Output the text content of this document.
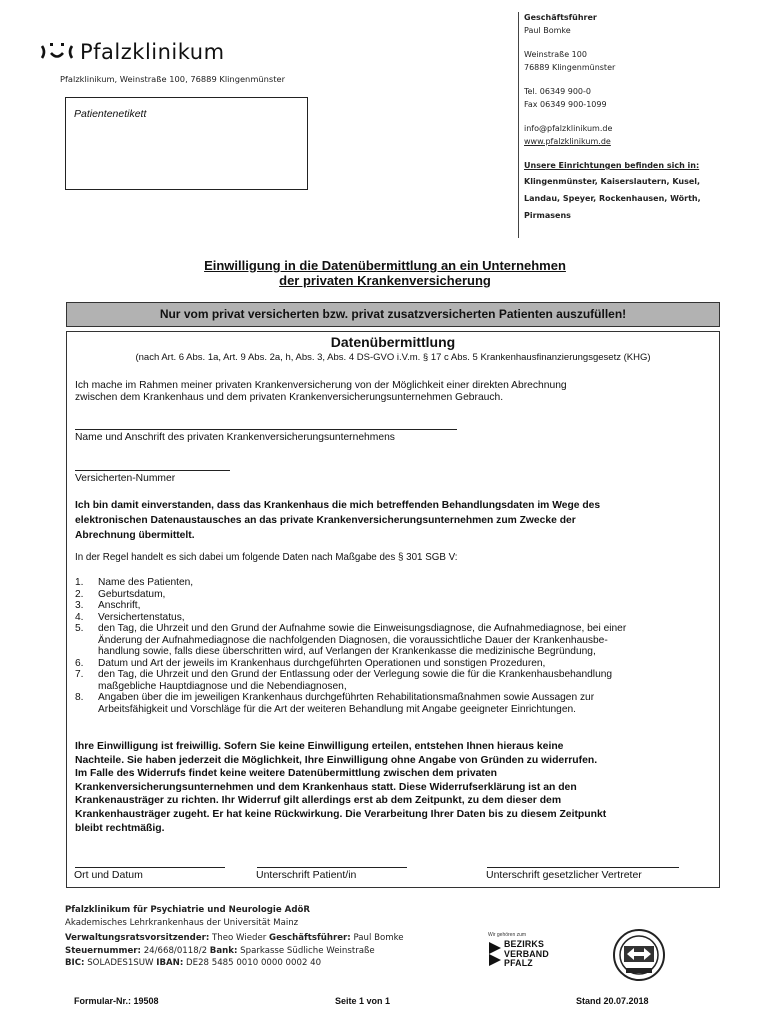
Pfalzklinikum
Pfalzklinikum, Weinstraße 100, 76889 Klingenmünster
Patientenetikett
Geschäftsführer
Paul Bomke
Weinstraße 100
76889 Klingenmünster
Tel. 06349 900-0
Fax 06349 900-1099
info@pfalzklinikum.de
www.pfalzklinikum.de
Unsere Einrichtungen befinden sich in:
Klingenmünster, Kaiserslautern, Kusel,
Landau, Speyer, Rockenhausen, Wörth,
Pirmasens
Einwilligung in die Datenübermittlung an ein Unternehmen
der privaten Krankenversicherung
Nur vom privat versicherten bzw. privat zusatzversicherten Patienten auszufüllen!
Datenübermittlung
(nach Art. 6 Abs. 1a, Art. 9 Abs. 2a, h, Abs. 3, Abs. 4 DS-GVO i.V.m. § 17 c Abs. 5 Krankenhausfinanzierungsgesetz (KHG)
Ich mache im Rahmen meiner privaten Krankenversicherung von der Möglichkeit einer direkten Abrechnung
zwischen dem Krankenhaus und dem privaten Krankenversicherungsunternehmen Gebrauch.
Name und Anschrift des privaten Krankenversicherungsunternehmens
Versicherten-Nummer
Ich bin damit einverstanden, dass das Krankenhaus die mich betreffenden Behandlungsdaten im Wege des
elektronischen Datenaustausches an das private Krankenversicherungsunternehmen zum Zwecke der
Abrechnung übermittelt.
In der Regel handelt es sich dabei um folgende Daten nach Maßgabe des § 301 SGB V:
1.	Name des Patienten,
2.	Geburtsdatum,
3.	Anschrift,
4.	Versichertenstatus,
5.	den Tag, die Uhrzeit und den Grund der Aufnahme sowie die Einweisungsdiagnose, die Aufnahmediagnose, bei einer
Änderung der Aufnahmediagnose die nachfolgenden Diagnosen, die voraussichtliche Dauer der Krankenhausbe-
handlung sowie, falls diese überschritten wird, auf Verlangen der Krankenkasse die medizinische Begründung,
6.	Datum und Art der jeweils im Krankenhaus durchgeführten Operationen und sonstigen Prozeduren,
7.	den Tag, die Uhrzeit und den Grund der Entlassung oder der Verlegung sowie die für die Krankenhausbehandlung
maßgebliche Hauptdiagnose und die Nebendiagnosen,
8.	Angaben über die im jeweiligen Krankenhaus durchgeführten Rehabilitationsmaßnahmen sowie Aussagen zur
Arbeitsfähigkeit und Vorschläge für die Art der weiteren Behandlung mit Angabe geeigneter Einrichtungen.
Ihre Einwilligung ist freiwillig. Sofern Sie keine Einwilligung erteilen, entstehen Ihnen hieraus keine
Nachteile. Sie haben jederzeit die Möglichkeit, Ihre Einwilligung ohne Angabe von Gründen zu widerrufen.
Im Falle des Widerrufs findet keine weitere Datenübermittlung zwischen dem privaten
Krankenversicherungsunternehmen und dem Krankenhaus statt. Diese Widerrufserklärung ist an den
Krankenausträger zu richten. Ihr Widerruf gilt allerdings erst ab dem Zeitpunkt, zu dem dieser dem
Krankenhausträger zugeht. Er hat keine Rückwirkung. Die Verarbeitung Ihrer Daten bis zu diesem Zeitpunkt
bleibt rechtmäßig.
Ort und Datum	Unterschrift Patient/in	Unterschrift gesetzlicher Vertreter
Pfalzklinikum für Psychiatrie und Neurologie AdöR
Akademisches Lehrkrankenhaus der Universität Mainz
Verwaltungsratsvorsitzender: Theo Wieder Geschäftsführer: Paul Bomke
Steuernummer: 24/668/0118/2 Bank: Sparkasse Südliche Weinstraße
BIC: SOLADES1SUW IBAN: DE28 5485 0010 0000 0002 40
Wir gehören zum
BEZIRKS
VERBAND
PFALZ
Formular-Nr.: 19508	Seite 1 von 1	Stand 20.07.2018
